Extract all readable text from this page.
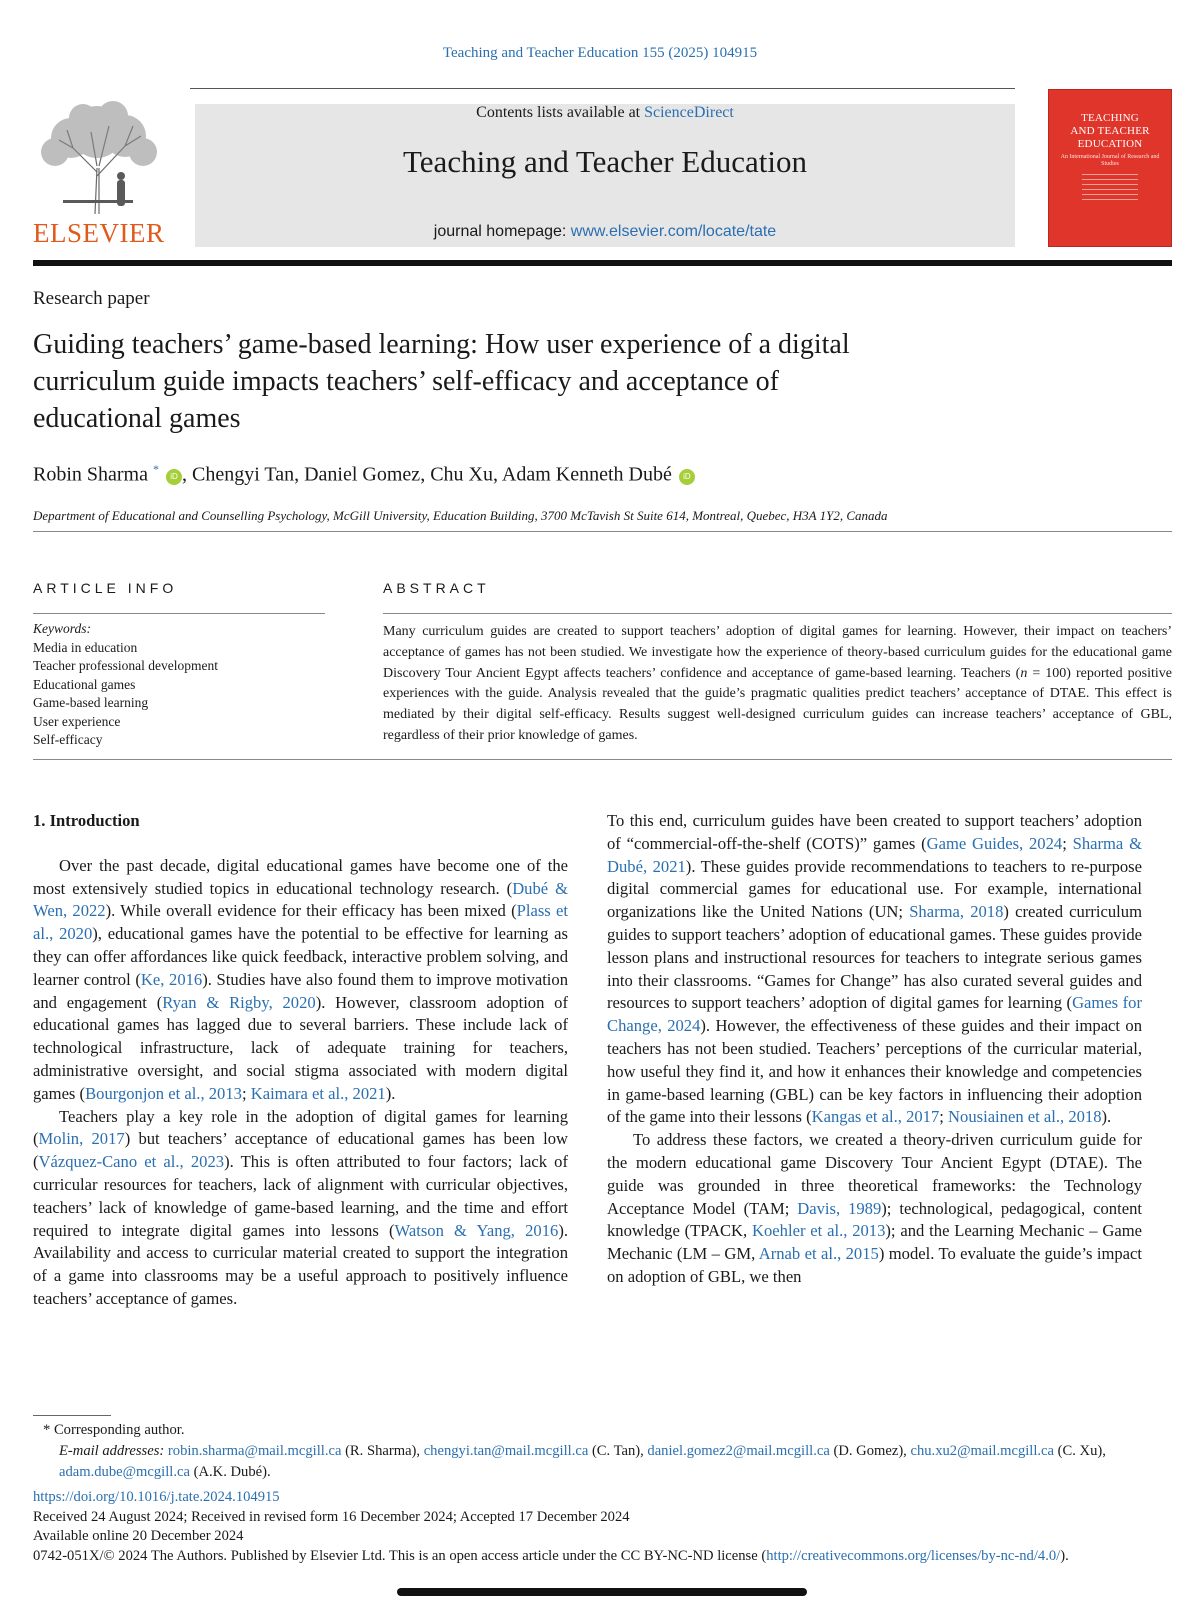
Teaching and Teacher Education 155 (2025) 104915
ELSEVIER
Contents lists available at ScienceDirect
Teaching and Teacher Education
journal homepage: www.elsevier.com/locate/tate
TEACHING
AND TEACHER
EDUCATION
An International Journal of Research and Studies
Research paper
Guiding teachers’ game-based learning: How user experience of a digital
curriculum guide impacts teachers’ self-efficacy and acceptance of
educational games
Robin Sharma * iD , Chengyi Tan, Daniel Gomez, Chu Xu, Adam Kenneth Dubé iD
Department of Educational and Counselling Psychology, McGill University, Education Building, 3700 McTavish St Suite 614, Montreal, Quebec, H3A 1Y2, Canada
ARTICLE INFO	ABSTRACT
Keywords:
Media in education
Teacher professional development
Educational games
Game-based learning
User experience
Self-efficacy
Many curriculum guides are created to support teachers’ adoption of digital games for learning. However, their impact on teachers’ acceptance of games has not been studied. We investigate how the experience of theory-based curriculum guides for the educational game Discovery Tour Ancient Egypt affects teachers’ confidence and acceptance of game-based learning. Teachers (n = 100) reported positive experiences with the guide. Analysis revealed that the guide’s pragmatic qualities predict teachers’ acceptance of DTAE. This effect is mediated by their digital self-efficacy. Results suggest well-designed curriculum guides can increase teachers’ acceptance of GBL, regardless of their prior knowledge of games.
1. Introduction

Over the past decade, digital educational games have become one of the most extensively studied topics in educational technology research. (Dubé & Wen, 2022). While overall evidence for their efficacy has been mixed (Plass et al., 2020), educational games have the potential to be effective for learning as they can offer affordances like quick feedback, interactive problem solving, and learner control (Ke, 2016). Studies have also found them to improve motivation and engagement (Ryan & Rigby, 2020). However, classroom adoption of educational games has lagged due to several barriers. These include lack of technological infrastructure, lack of adequate training for teachers, administrative oversight, and social stigma associated with modern digital games (Bourgonjon et al., 2013; Kaimara et al., 2021).

Teachers play a key role in the adoption of digital games for learning (Molin, 2017) but teachers’ acceptance of educational games has been low (Vázquez-Cano et al., 2023). This is often attributed to four factors; lack of curricular resources for teachers, lack of alignment with curricular objectives, teachers’ lack of knowledge of game-based learning, and the time and effort required to integrate digital games into lessons (Watson & Yang, 2016). Availability and access to curricular material created to support the integration of a game into classrooms may be a useful approach to positively influence teachers’ acceptance of games.

To this end, curriculum guides have been created to support teachers’ adoption of “commercial-off-the-shelf (COTS)” games (Game Guides, 2024; Sharma & Dubé, 2021). These guides provide recommendations to teachers to re-purpose digital commercial games for educational use. For example, international organizations like the United Nations (UN; Sharma, 2018) created curriculum guides to support teachers’ adoption of educational games. These guides provide lesson plans and instructional resources for teachers to integrate serious games into their classrooms. “Games for Change” has also curated several guides and resources to support teachers’ adoption of digital games for learning (Games for Change, 2024). However, the effectiveness of these guides and their impact on teachers has not been studied. Teachers’ perceptions of the curricular material, how useful they find it, and how it enhances their knowledge and competencies in game-based learning (GBL) can be key factors in influencing their adoption of the game into their lessons (Kangas et al., 2017; Nousiainen et al., 2018).

To address these factors, we created a theory-driven curriculum guide for the modern educational game Discovery Tour Ancient Egypt (DTAE). The guide was grounded in three theoretical frameworks: the Technology Acceptance Model (TAM; Davis, 1989); technological, pedagogical, content knowledge (TPACK, Koehler et al., 2013); and the Learning Mechanic – Game Mechanic (LM – GM, Arnab et al., 2015) model. To evaluate the guide’s impact on adoption of GBL, we then

* Corresponding author.
E-mail addresses: robin.sharma@mail.mcgill.ca (R. Sharma), chengyi.tan@mail.mcgill.ca (C. Tan), daniel.gomez2@mail.mcgill.ca (D. Gomez), chu.xu2@mail.mcgill.ca (C. Xu), adam.dube@mcgill.ca (A.K. Dubé).
https://doi.org/10.1016/j.tate.2024.104915
Received 24 August 2024; Received in revised form 16 December 2024; Accepted 17 December 2024
Available online 20 December 2024
0742-051X/© 2024 The Authors. Published by Elsevier Ltd. This is an open access article under the CC BY-NC-ND license (http://creativecommons.org/licenses/by-nc-nd/4.0/).
